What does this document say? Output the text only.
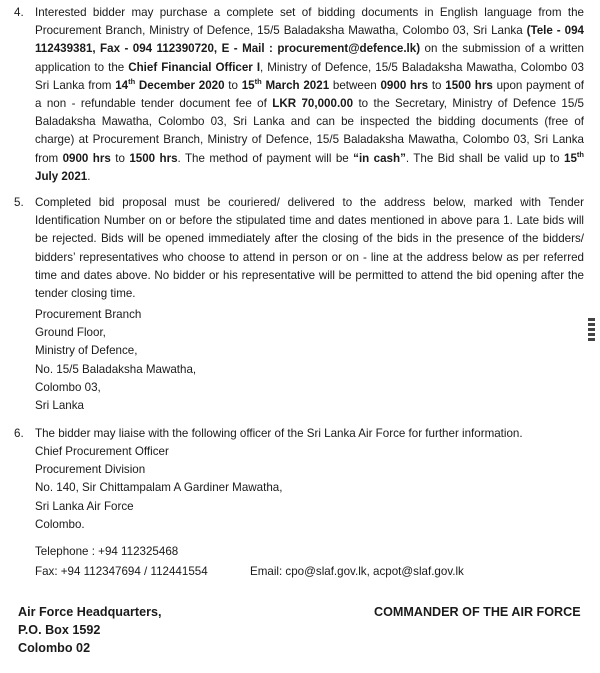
4. Interested bidder may purchase a complete set of bidding documents in English language from the Procurement Branch, Ministry of Defence, 15/5 Baladaksha Mawatha, Colombo 03, Sri Lanka (Tele - 094 112439381, Fax - 094 112390720, E - Mail : procurement@defence.lk) on the submission of a written application to the Chief Financial Officer I, Ministry of Defence, 15/5 Baladaksha Mawatha, Colombo 03 Sri Lanka from 14th December 2020 to 15th March 2021 between 0900 hrs to 1500 hrs upon payment of a non - refundable tender document fee of LKR 70,000.00 to the Secretary, Ministry of Defence 15/5 Baladaksha Mawatha, Colombo 03, Sri Lanka and can be inspected the bidding documents (free of charge) at Procurement Branch, Ministry of Defence, 15/5 Baladaksha Mawatha, Colombo 03, Sri Lanka from 0900 hrs to 1500 hrs. The method of payment will be “in cash”. The Bid shall be valid up to 15th July 2021.
5. Completed bid proposal must be couriered/ delivered to the address below, marked with Tender Identification Number on or before the stipulated time and dates mentioned in above para 1. Late bids will be rejected. Bids will be opened immediately after the closing of the bids in the presence of the bidders/ bidders’ representatives who choose to attend in person or on - line at the address below as per referred time and dates above. No bidder or his representative will be permitted to attend the bid opening after the tender closing time.
Procurement Branch
Ground Floor,
Ministry of Defence,
No. 15/5 Baladaksha Mawatha,
Colombo 03,
Sri Lanka
6. The bidder may liaise with the following officer of the Sri Lanka Air Force for further information.
Chief Procurement Officer
Procurement Division
No. 140, Sir Chittampalam A Gardiner Mawatha,
Sri Lanka Air Force
Colombo.
Telephone : +94 112325468
Fax: +94 112347694 / 112441554	Email: cpo@slaf.gov.lk, acpot@slaf.gov.lk
Air Force Headquarters,
P.O. Box 1592
Colombo 02
COMMANDER OF THE AIR FORCE
